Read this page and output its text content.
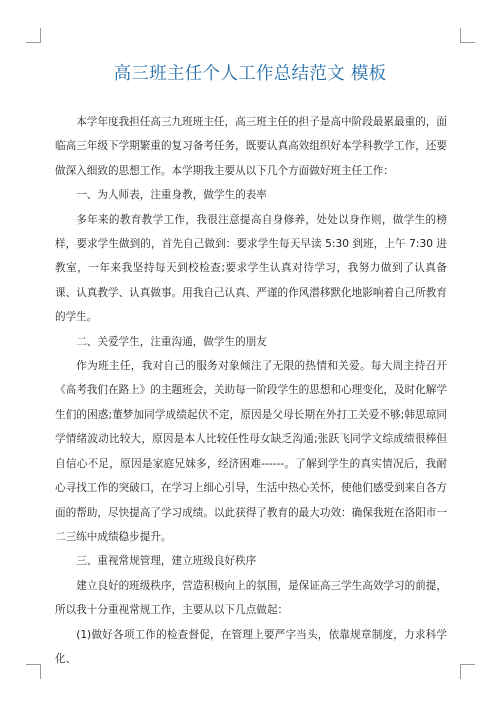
高三班主任个人工作总结范文 模板

本学年度我担任高三九班班主任，高三班主任的担子是高中阶段最累最重的，面临高三年级下学期繁重的复习备考任务，既要认真高效组织好本学科教学工作，还要做深入细致的思想工作。本学期我主要从以下几个方面做好班主任工作：

一、为人师表，注重身教，做学生的表率

多年来的教育教学工作，我很注意提高自身修养，处处以身作则，做学生的榜样，要求学生做到的，首先自己做到：要求学生每天早读 5:30 到班，上午 7:30 进教室，一年来我坚持每天到校检查;要求学生认真对待学习，我努力做到了认真备课、认真教学、认真做事。用我自己认真、严谨的作风潜移默化地影响着自己所教育的学生。

二、关爱学生，注重沟通，做学生的朋友

作为班主任，我对自己的服务对象倾注了无限的热情和关爱。每大周主持召开《高考我们在路上》的主题班会，关助每一阶段学生的思想和心理变化，及时化解学生们的困惑;董梦加同学成绩起伏不定，原因是父母长期在外打工关爱不够;韩思琼同学情绪波动比较大，原因是本人比较任性母女缺乏沟通;张跃飞同学文综成绩很棒但自信心不足，原因是家庭兄妹多，经济困难------。了解到学生的真实情况后，我耐心寻找工作的突破口，在学习上细心引导，生活中热心关怀，使他们感受到来自各方面的帮助，尽快提高了学习成绩。以此获得了教育的最大功效：确保我班在洛阳市一二三练中成绩稳步提升。

三、重视常规管理，建立班级良好秩序

建立良好的班级秩序，营造积极向上的氛围，是保证高三学生高效学习的前提，所以我十分重视常规工作，主要从以下几点做起：

(1)做好各项工作的检查督促，在管理上要严字当头，依靠规章制度，力求科学化、
